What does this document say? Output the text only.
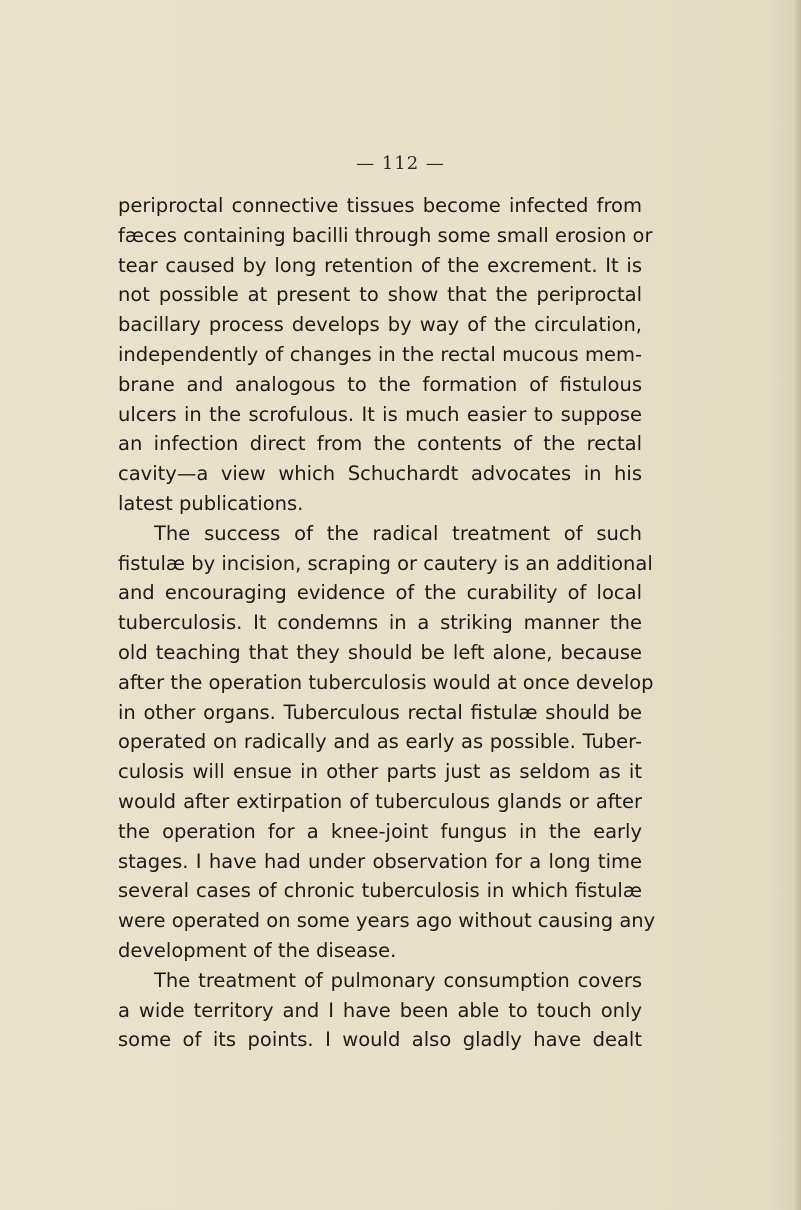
— 112 —
periproctal connective tissues become infected from
fæces containing bacilli through some small erosion or
tear caused by long retention of the excrement. It is
not possible at present to show that the periproctal
bacillary process develops by way of the circulation,
independently of changes in the rectal mucous mem-
brane and analogous to the formation of fistulous
ulcers in the scrofulous. It is much easier to suppose
an infection direct from the contents of the rectal
cavity—a view which Schuchardt advocates in his
latest publications.
The success of the radical treatment of such
fistulæ by incision, scraping or cautery is an additional
and encouraging evidence of the curability of local
tuberculosis. It condemns in a striking manner the
old teaching that they should be left alone, because
after the operation tuberculosis would at once develop
in other organs. Tuberculous rectal fistulæ should be
operated on radically and as early as possible. Tuber-
culosis will ensue in other parts just as seldom as it
would after extirpation of tuberculous glands or after
the operation for a knee-joint fungus in the early
stages. I have had under observation for a long time
several cases of chronic tuberculosis in which fistulæ
were operated on some years ago without causing any
development of the disease.
The treatment of pulmonary consumption covers
a wide territory and I have been able to touch only
some of its points. I would also gladly have dealt
